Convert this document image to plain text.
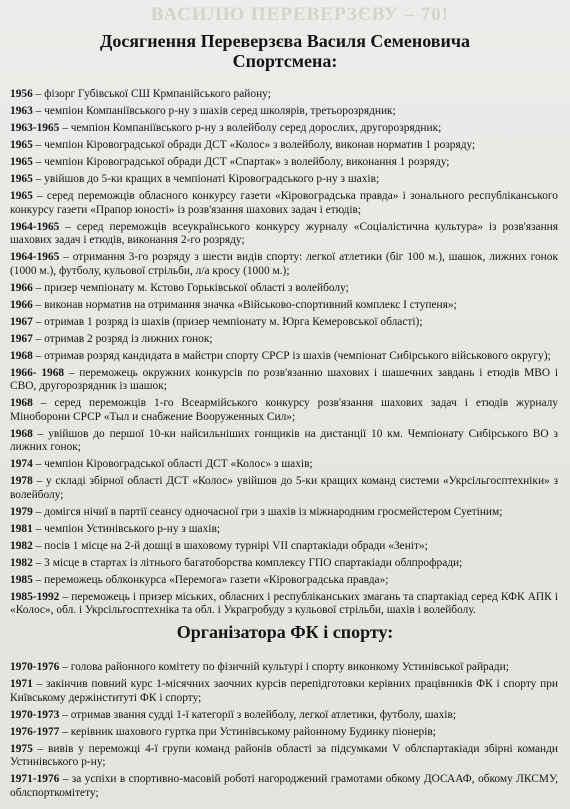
ВАСИЛЮ ПЕРЕВЕРЗЄВУ – 70!
Досягнення Переверзєва Василя Семеновича
Спортсмена:
1956 – фізорг Губівської СШ Крмпанійського району;
1963 – чемпіон Компаніївського р-ну з шахів серед школярів, третьорозрядник;
1963-1965 – чемпіон Компаніївського р-ну з волейболу серед дорослих, другорозрядник;
1965 – чемпіон Кіровоградської обради ДСТ «Колос» з волейболу, виконав норматив 1 розряду;
1965 – чемпіон Кіровоградської обради ДСТ «Спартак» з волейболу, виконання 1 розряду;
1965 – увійшов до 5-ки кращих в чемпіонаті Кіровоградського р-ну з шахів;
1965 – серед переможців обласного конкурсу газети «Кіровоградська правда» і зонального республіканського конкурсу газети «Прапор юності» із розв'язання шахових задач і етюдів;
1964-1965 – серед переможців всеукраїнського конкурсу журналу «Соціалістична культура» із розв'язання шахових задач і етюдів, виконання 2-го розряду;
1964-1965 – отримання 3-го розряду з шести видів спорту: легкої атлетики (біг 100 м.), шашок, лижних гонок (1000 м.), футболу, кульової стрільби, л/а кросу (1000 м.);
1966 – призер чемпіонату м. Кстово Горьківської області з волейболу;
1966 – виконав норматив на отримання значка «Військово-спортивний комплекс І ступеня»;
1967 – отримав 1 розряд із шахів (призер чемпіонату м. Юрга Кемеровської області);
1967 – отримав 2 розряд із лижних гонок;
1968 – отримав розряд кандидата в майстри спорту СРСР із шахів (чемпіонат Сибірського військового округу);
1966- 1968 – переможець окружних конкурсів по розв'язанню шахових і шашечних завдань і етюдів МВО і СВО, другорозрядник із шашок;
1968 – серед переможців 1-го Всеармійського конкурсу розв'язання шахових задач і етюдів журналу Міноборони СРСР «Тыл и снабжение Вооруженных Сил»;
1968 – увійшов до першої 10-ки найсильніших гонщиків на дистанції 10 км. Чемпіонату Сибірського ВО з лижних гонок;
1974 – чемпіон Кіровоградської області ДСТ «Колос» з шахів;
1978 – у складі збірної області ДСТ «Колос» увійшов до 5-ки кращих команд системи «Укрсільгосптехніки» з волейболу;
1979 – домігся нічиї в партії сеансу одночасної гри з шахів із міжнародним гросмейстером Суетіним;
1981 – чемпіон Устинівського р-ну з шахів;
1982 – посів 1 місце на 2-й дошці в шаховому турнірі VII спартакіади обради «Зеніт»;
1982 – 3 місце в стартах із літнього багатоборства комплексу ГПО спартакіади облпрофради;
1985 – переможець облконкурса «Перемога» газети «Кіровоградська правда»;
1985-1992 – переможець і призер міських, обласних і республіканських змагань та спартакіад серед КФК АПК і «Колос», обл. і Укрсільгосптехніка та обл. і Украгробуду з кульової стрільби, шахів і волейболу.
Організатора ФК і спорту:
1970-1976 – голова районного комітету по фізичній культурі і спорту виконкому Устинівської райради;
1971 – закінчив повний курс 1-місячних заочних курсів перепідготовки керівних працівників ФК і спорту при Київському держінституті ФК і спорту;
1970-1973 – отримав звання судді 1-ї категорії з волейболу, легкої атлетики, футболу, шахів;
1976-1977 – керівник шахового гуртка при Устинівському районному Будинку піонерів;
1975 – вивів у переможці 4-ї групи команд районів області за підсумками V облспартакіади збірні команди Устинівського р-ну;
1971-1976 – за успіхи в спортивно-масовій роботі нагороджений грамотами обкому ДОСААФ, обкому ЛКСМУ, облспорткомітету;
